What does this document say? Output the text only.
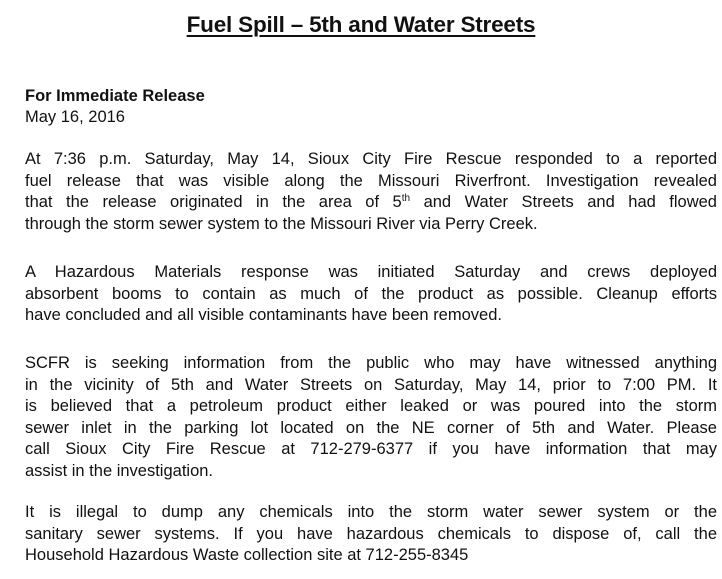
Fuel Spill – 5th and Water Streets
For Immediate Release
May 16, 2016
At 7:36 p.m. Saturday, May 14, Sioux City Fire Rescue responded to a reported
fuel release that was visible along the Missouri Riverfront. Investigation revealed
that the release originated in the area of 5th and Water Streets and had flowed
through the storm sewer system to the Missouri River via Perry Creek.
A Hazardous Materials response was initiated Saturday and crews deployed
absorbent booms to contain as much of the product as possible. Cleanup efforts
have concluded and all visible contaminants have been removed.
SCFR is seeking information from the public who may have witnessed anything
in the vicinity of 5th and Water Streets on Saturday, May 14, prior to 7:00 PM. It
is believed that a petroleum product either leaked or was poured into the storm
sewer inlet in the parking lot located on the NE corner of 5th and Water. Please
call Sioux City Fire Rescue at 712-279-6377 if you have information that may
assist in the investigation.
It is illegal to dump any chemicals into the storm water sewer system or the
sanitary sewer systems. If you have hazardous chemicals to dispose of, call the
Household Hazardous Waste collection site at 712-255-8345
